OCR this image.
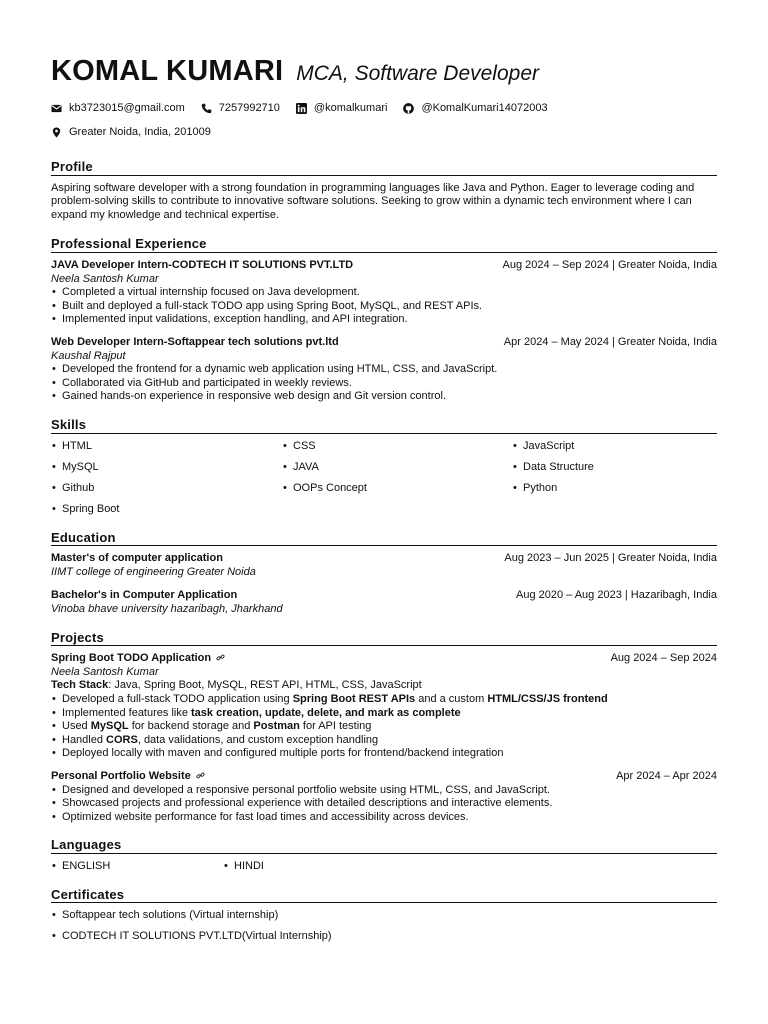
KOMAL KUMARI MCA, Software Developer
kb3723015@gmail.com	7257992710	@komalkumari	@KomalKumari14072003
Greater Noida, India, 201009
Profile
Aspiring software developer with a strong foundation in programming languages like Java and Python. Eager to leverage coding and problem-solving skills to contribute to innovative software solutions. Seeking to grow within a dynamic tech environment where I can expand my knowledge and technical expertise.
Professional Experience
JAVA Developer Intern-CODTECH IT SOLUTIONS PVT.LTD	Aug 2024 – Sep 2024 | Greater Noida, India
Neela Santosh Kumar
• Completed a virtual internship focused on Java development.
• Built and deployed a full-stack TODO app using Spring Boot, MySQL, and REST APIs.
• Implemented input validations, exception handling, and API integration.
Web Developer Intern-Softappear tech solutions pvt.ltd	Apr 2024 – May 2024 | Greater Noida, India
Kaushal Rajput
• Developed the frontend for a dynamic web application using HTML, CSS, and JavaScript.
• Collaborated via GitHub and participated in weekly reviews.
• Gained hands-on experience in responsive web design and Git version control.
Skills
• HTML	• CSS	• JavaScript
• MySQL	• JAVA	• Data Structure
• Github	• OOPs Concept	• Python
• Spring Boot
Education
Master's of computer application	Aug 2023 – Jun 2025 | Greater Noida, India
IIMT college of engineering Greater Noida
Bachelor's in Computer Application	Aug 2020 – Aug 2023 | Hazaribagh, India
Vinoba bhave university hazaribagh, Jharkhand
Projects
Spring Boot TODO Application	Aug 2024 – Sep 2024
Neela Santosh Kumar
Tech Stack: Java, Spring Boot, MySQL, REST API, HTML, CSS, JavaScript
• Developed a full-stack TODO application using Spring Boot REST APIs and a custom HTML/CSS/JS frontend
• Implemented features like task creation, update, delete, and mark as complete
• Used MySQL for backend storage and Postman for API testing
• Handled CORS, data validations, and custom exception handling
• Deployed locally with maven and configured multiple ports for frontend/backend integration
Personal Portfolio Website	Apr 2024 – Apr 2024
• Designed and developed a responsive personal portfolio website using HTML, CSS, and JavaScript.
• Showcased projects and professional experience with detailed descriptions and interactive elements.
• Optimized website performance for fast load times and accessibility across devices.
Languages
• ENGLISH	• HINDI
Certificates
• Softappear tech solutions (Virtual internship)
• CODTECH IT SOLUTIONS PVT.LTD(Virtual Internship)
